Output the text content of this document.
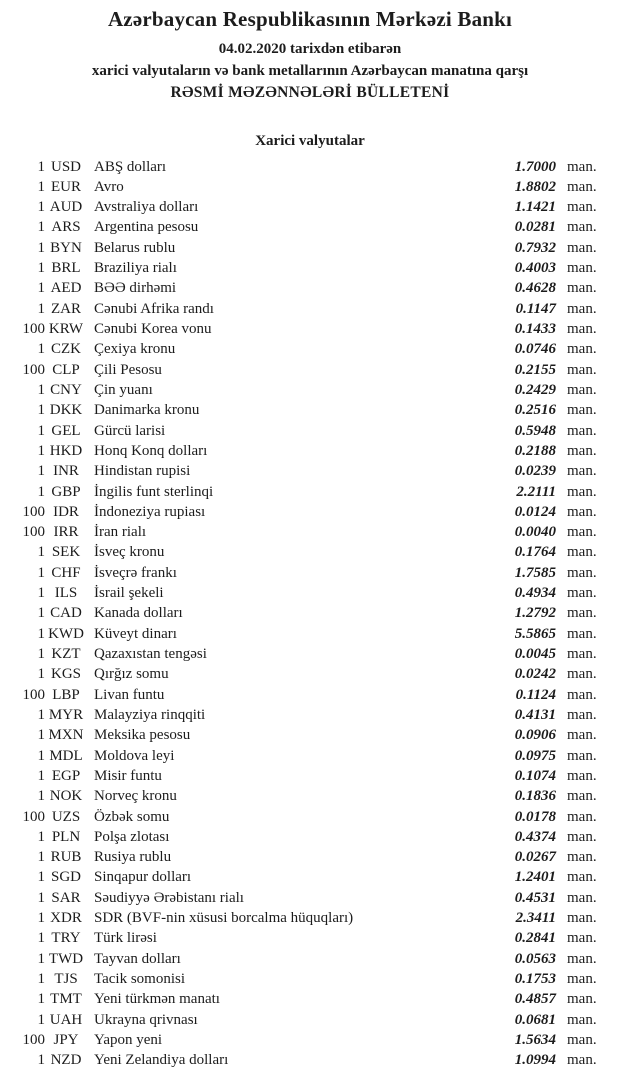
Azərbaycan Respublikasının Mərkəzi Bankı
04.02.2020 tarixdən etibarən
xarici valyutaların və bank metallarının Azərbaycan manatına qarşı
RƏSMİ MƏZƏNNƏLƏRİ BÜLLETENİ
Xarici valyutalar
1 USD ABŞ dolları	1.7000 man.
1 EUR Avro	1.8802 man.
1 AUD Avstraliya dolları	1.1421 man.
1 ARS Argentina pesosu	0.0281 man.
1 BYN Belarus rublu	0.7932 man.
1 BRL Braziliya rialı	0.4003 man.
1 AED BƏƏ dirhəmi	0.4628 man.
1 ZAR Cənubi Afrika randı	0.1147 man.
100 KRW Cənubi Korea vonu	0.1433 man.
1 CZK Çexiya kronu	0.0746 man.
100 CLP Çili Pesosu	0.2155 man.
1 CNY Çin yuanı	0.2429 man.
1 DKK Danimarka kronu	0.2516 man.
1 GEL Gürcü larisi	0.5948 man.
1 HKD Honq Konq dolları	0.2188 man.
1 INR	Hindistan rupisi	0.0239 man.
1 GBP İngilis funt sterlinqi	2.2111 man.
100 IDR	İndoneziya rupiası	0.0124 man.
100 IRR	İran rialı	0.0040 man.
1 SEK İsveç kronu	0.1764 man.
1 CHF İsveçrə frankı	1.7585 man.
1 ILS	İsrail şekeli	0.4934 man.
1 CAD Kanada dolları	1.2792 man.
1 KWD Küveyt dinarı	5.5865 man.
1 KZT Qazaxıstan tengəsi	0.0045 man.
1 KGS Qırğız somu	0.0242 man.
100 LBP Livan funtu	0.1124 man.
1 MYR Malayziya rinqqiti	0.4131 man.
1 MXN Meksika pesosu	0.0906 man.
1 MDL Moldova leyi	0.0975 man.
1 EGP Misir funtu	0.1074 man.
1 NOK Norveç kronu	0.1836 man.
100 UZS Özbək somu	0.0178 man.
1 PLN Polşa zlotası	0.4374 man.
1 RUB Rusiya rublu	0.0267 man.
1 SGD Sinqapur dolları	1.2401 man.
1 SAR Səudiyyə Ərəbistanı rialı	0.4531 man.
1 XDR SDR (BVF-nin xüsusi borcalma hüquqları)	2.3411 man.
1 TRY Türk lirəsi	0.2841 man.
1 TWD Tayvan dolları	0.0563 man.
1 TJS	Tacik somonisi	0.1753 man.
1 TMT Yeni türkmən manatı	0.4857 man.
1 UAH Ukrayna qrivnası	0.0681 man.
100 JPY	Yapon yeni	1.5634 man.
1 NZD Yeni Zelandiya dolları	1.0994 man.
